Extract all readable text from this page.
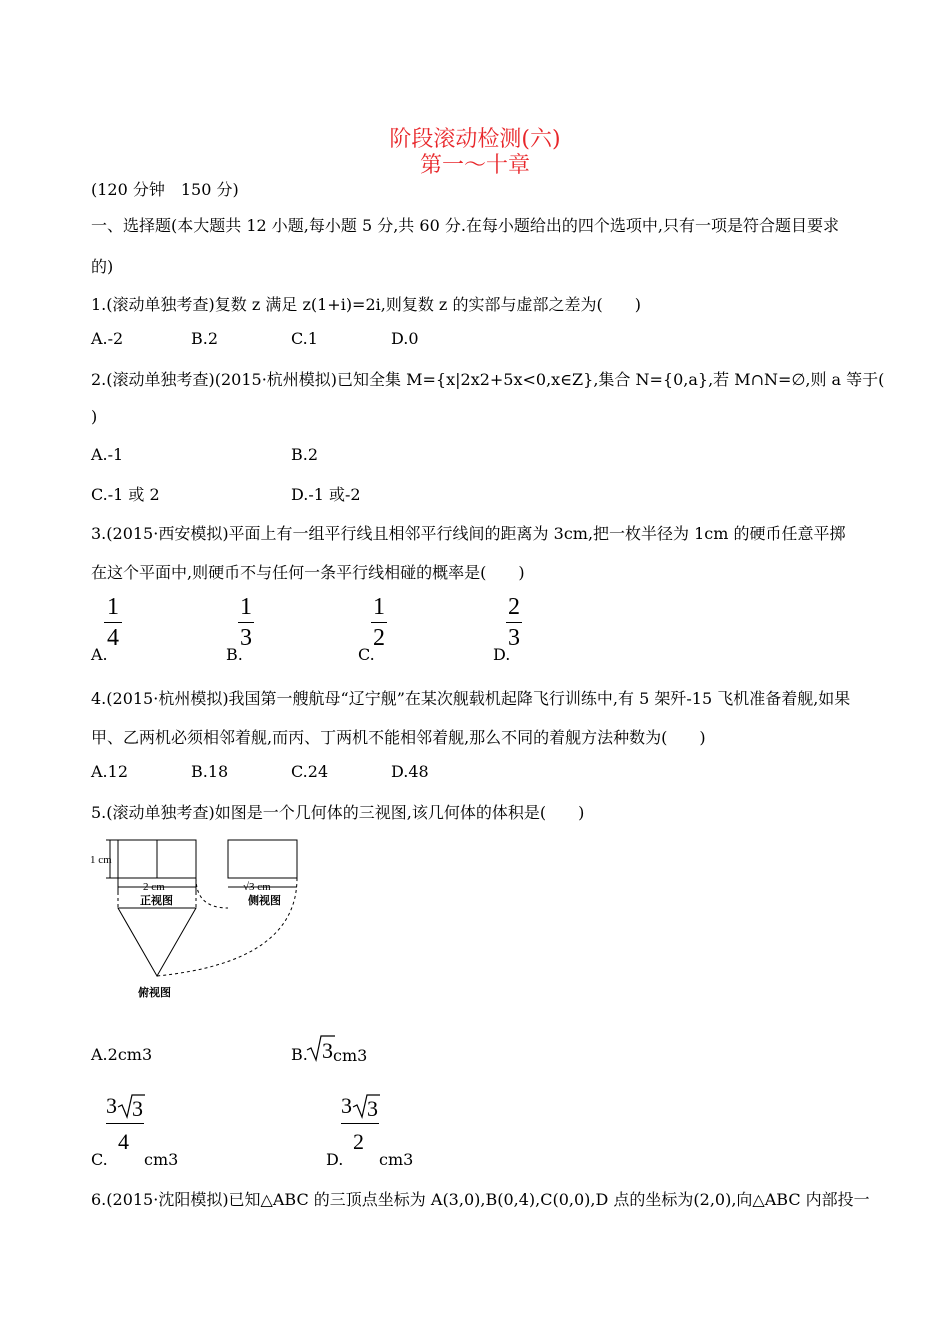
阶段滚动检测(六)
第一～十章
(120 分钟　150 分)
一、选择题(本大题共 12 小题,每小题 5 分,共 60 分.在每小题给出的四个选项中,只有一项是符合题目要求
的)
1.(滚动单独考查)复数 z 满足 z(1+i)=2i,则复数 z 的实部与虚部之差为(　　)
A.-2	B.2	C.1	D.0
2.(滚动单独考查)(2015·杭州模拟)已知全集 M={x|2x2+5x<0,x∈Z},集合 N={0,a},若 M∩N=∅,则 a 等于(
)
A.-1	B.2
C.-1 或 2	D.-1 或-2
3.(2015·西安模拟)平面上有一组平行线且相邻平行线间的距离为 3cm,把一枚半径为 1cm 的硬币任意平掷
在这个平面中,则硬币不与任何一条平行线相碰的概率是(　　)
A.
1
4
B.
1
3
C.
1
2
D.
2
3
4.(2015·杭州模拟)我国第一艘航母“辽宁舰”在某次舰载机起降飞行训练中,有 5 架歼-15 飞机准备着舰,如果
甲、乙两机必须相邻着舰,而丙、丁两机不能相邻着舰,那么不同的着舰方法种数为(　　)
A.12	B.18	C.24	D.48
5.(滚动单独考查)如图是一个几何体的三视图,该几何体的体积是(　　)
1 cm
2 cm	√3 cm
正视图	侧视图
俯视图
A.2cm3	B. 3 cm3
C.
3 3
4
cm3	D.
3 3
2
cm3
6.(2015·沈阳模拟)已知△ABC 的三顶点坐标为 A(3,0),B(0,4),C(0,0),D 点的坐标为(2,0),向△ABC 内部投一
